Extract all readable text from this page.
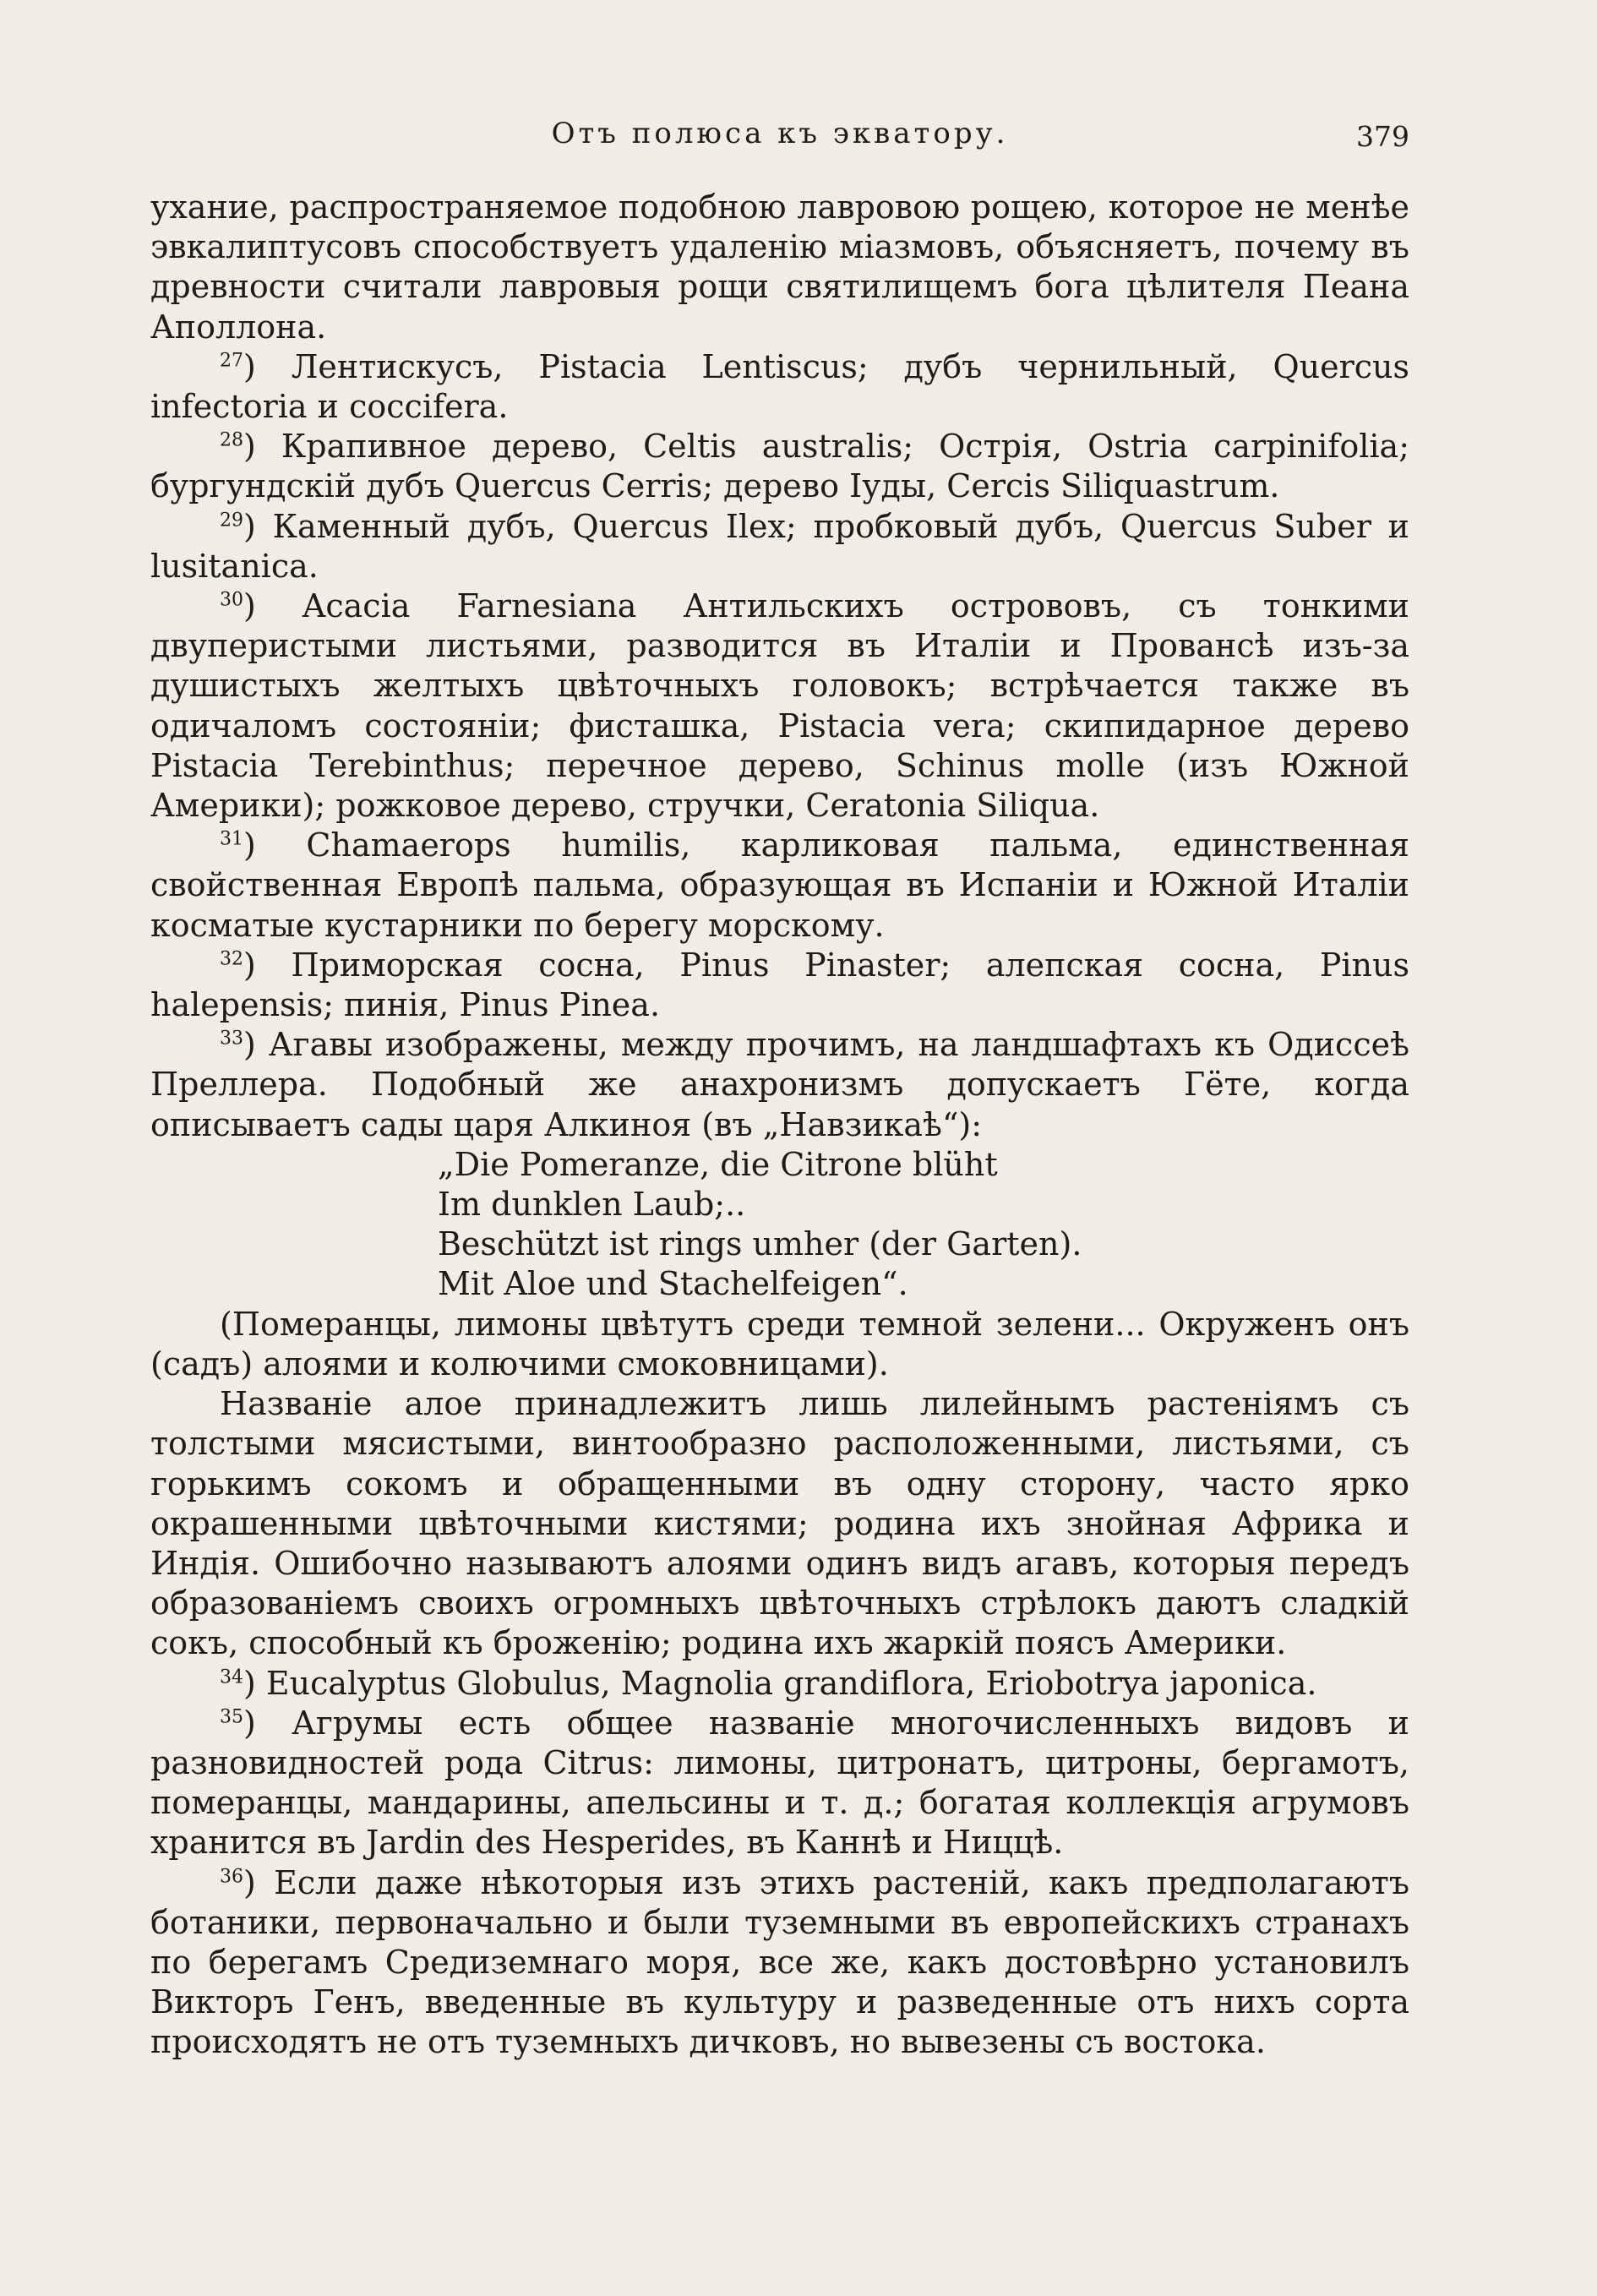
Отъ полюса къ экватору.	379

ухание, распространяемое подобною лавровою рощею, которое не менѣе эвкалиптусовъ способствуетъ удаленію міазмовъ, объясняетъ, почему въ древности считали лавровыя рощи святилищемъ бога цѣлителя Пеана Аполлона.

$^{27}$) Лентискусъ, Pistacia Lentiscus; дубъ чернильный, Quercus infectoria и coccifera.

$^{28}$) Крапивное дерево, Celtis australis; Острія, Ostria carpinifolia; бургундскій дубъ Quercus Cerris; дерево Іуды, Cercis Siliquastrum.

$^{29}$) Каменный дубъ, Quercus Ilex; пробковый дубъ, Quercus Suber и lusitanica.

$^{30}$) Acacia Farnesiana Антильскихъ острововъ, съ тонкими двуперистыми листьями, разводится въ Италіи и Провансѣ изъ-за душистыхъ желтыхъ цвѣточныхъ головокъ; встрѣчается также въ одичаломъ состояніи; фисташка, Pistacia vera; скипидарное дерево Pistacia Terebinthus; перечное дерево, Schinus molle (изъ Южной Америки); рожковое дерево, стручки, Ceratonia Siliqua.

$^{31}$) Chamaerops humilis, карликовая пальма, единственная свойственная Европѣ пальма, образующая въ Испаніи и Южной Италіи косматые кустарники по берегу морскому.

$^{32}$) Приморская сосна, Pinus Pinaster; алепская сосна, Pinus halepensis; пинія, Pinus Pinea.

$^{33}$) Агавы изображены, между прочимъ, на ландшафтахъ къ Одиссеѣ Преллера. Подобный же анахронизмъ допускаетъ Гёте, когда описываетъ сады царя Алкиноя (въ „Навзикаѣ“):

„Die Pomeranze, die Citrone blüht
Im dunklen Laub;..
Beschützt ist rings umher (der Garten).
Mit Aloe und Stachelfeigen“.

(Померанцы, лимоны цвѣтутъ среди темной зелени... Окруженъ онъ (садъ) алоями и колючими смоковницами).

Названіе алое принадлежитъ лишь лилейнымъ растеніямъ съ толстыми мясистыми, винтообразно расположенными, листьями, съ горькимъ сокомъ и обращенными въ одну сторону, часто ярко окрашенными цвѣточными кистями; родина ихъ знойная Африка и Индія. Ошибочно называютъ алоями одинъ видъ агавъ, которыя передъ образованіемъ своихъ огромныхъ цвѣточныхъ стрѣлокъ даютъ сладкій сокъ, способный къ броженію; родина ихъ жаркій поясъ Америки.

$^{34}$) Eucalyptus Globulus, Magnolia grandiflora, Eriobotrya japonica.

$^{35}$) Агрумы есть общее названіе многочисленныхъ видовъ и разновидностей рода Citrus: лимоны, цитронатъ, цитроны, бергамотъ, померанцы, мандарины, апельсины и т. д.; богатая коллекція агрумовъ хранится въ Jardin des Hesperides, въ Каннѣ и Ниццѣ.

$^{36}$) Если даже нѣкоторыя изъ этихъ растеній, какъ предполагаютъ ботаники, первоначально и были туземными въ европейскихъ странахъ по берегамъ Средиземнаго моря, все же, какъ достовѣрно установилъ Викторъ Генъ, введенные въ культуру и разведенные отъ нихъ сорта происходятъ не отъ туземныхъ дичковъ, но вывезены съ востока.
